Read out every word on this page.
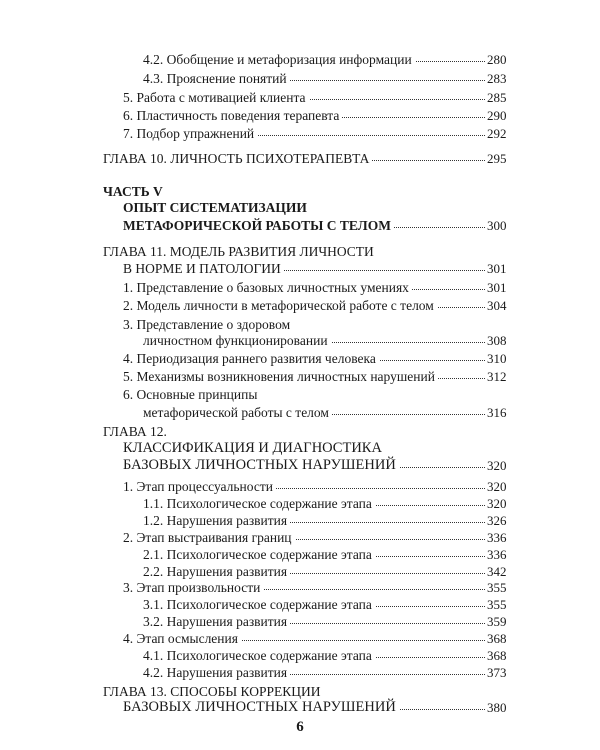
4.2. Обобщение и метафоризация информации	280
4.3. Прояснение понятий	283
5. Работа с мотивацией клиента	285
6. Пластичность поведения терапевта	290
7. Подбор упражнений	292
ГЛАВА 10. ЛИЧНОСТЬ ПСИХОТЕРАПЕВТА	295
ЧАСТЬ V
ОПЫТ СИСТЕМАТИЗАЦИИ
МЕТАФОРИЧЕСКОЙ РАБОТЫ С ТЕЛОМ	300
ГЛАВА 11. МОДЕЛЬ РАЗВИТИЯ ЛИЧНОСТИ
В НОРМЕ И ПАТОЛОГИИ	301
1. Представление о базовых личностных умениях	301
2. Модель личности в метафорической работе с телом	304
3. Представление о здоровом
личностном функционировании	308
4. Периодизация раннего развития человека	310
5. Механизмы возникновения личностных нарушений	312
6. Основные принципы
метафорической работы с телом	316
ГЛАВА 12.
КЛАССИФИКАЦИЯ И ДИАГНОСТИКА
БАЗОВЫХ ЛИЧНОСТНЫХ НАРУШЕНИЙ	320
1. Этап процессуальности	320
1.1. Психологическое содержание этапа	320
1.2. Нарушения развития	326
2. Этап выстраивания границ	336
2.1. Психологическое содержание этапа	336
2.2. Нарушения развития	342
3. Этап произвольности	355
3.1. Психологическое содержание этапа	355
3.2. Нарушения развития	359
4. Этап осмысления	368
4.1. Психологическое содержание этапа	368
4.2. Нарушения развития	373
ГЛАВА 13. СПОСОБЫ КОРРЕКЦИИ
БАЗОВЫХ ЛИЧНОСТНЫХ НАРУШЕНИЙ	380
6
